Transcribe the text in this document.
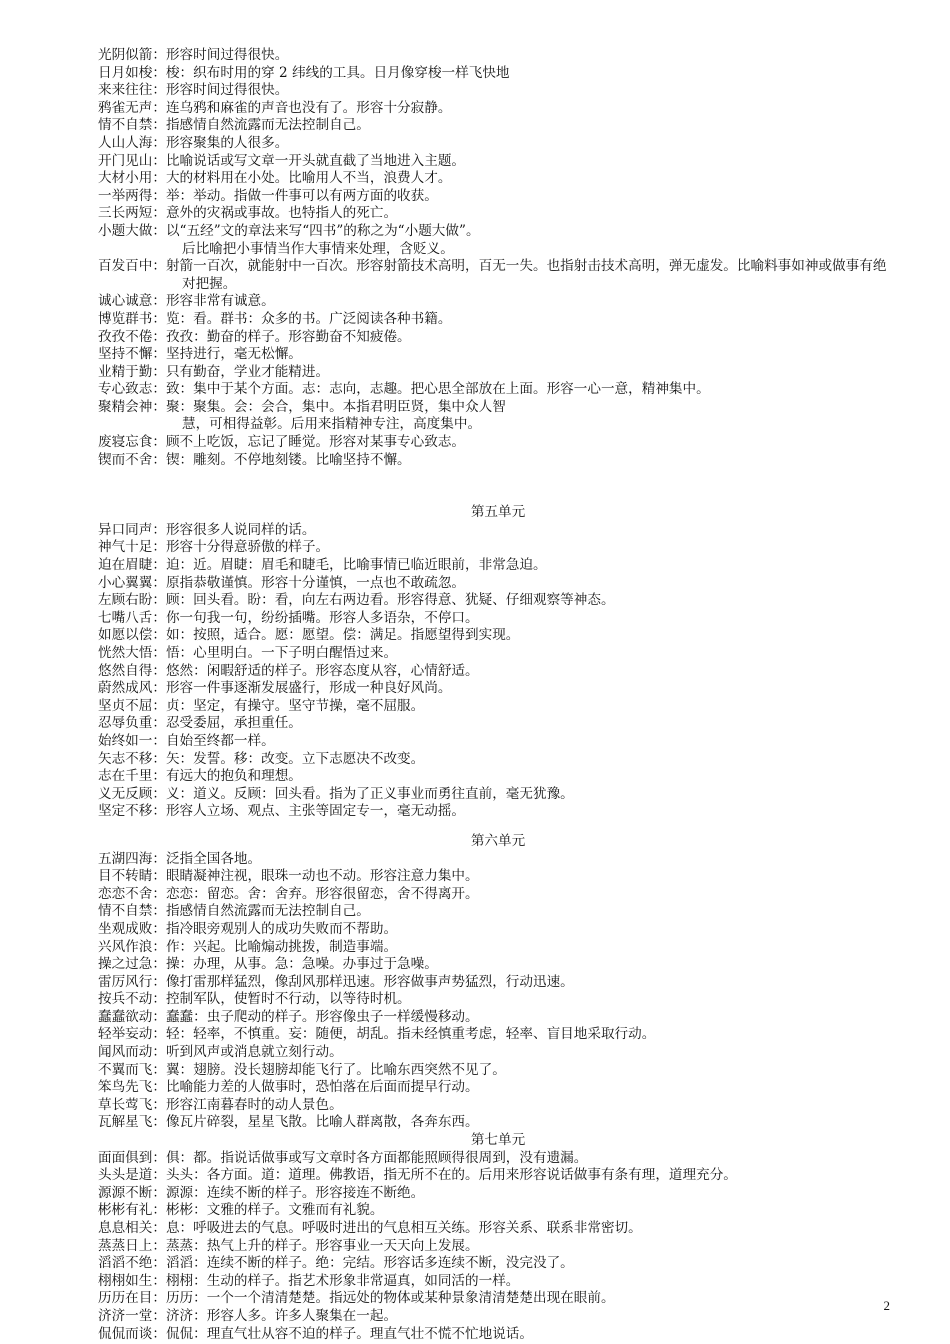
光阴似箭：形容时间过得很快。
日月如梭：梭：织布时用的穿 2 纬线的工具。日月像穿梭一样飞快地
来来往往：形容时间过得很快。
鸦雀无声：连乌鸦和麻雀的声音也没有了。形容十分寂静。
情不自禁：指感情自然流露而无法控制自己。
人山人海：形容聚集的人很多。
开门见山：比喻说话或写文章一开头就直截了当地进入主题。
大材小用：大的材料用在小处。比喻用人不当，浪费人才。
一举两得：举：举动。指做一件事可以有两方面的收获。
三长两短：意外的灾祸或事故。也特指人的死亡。
小题大做：以“五经”文的章法来写“四书”的称之为“小题大做”。
后比喻把小事情当作大事情来处理，含贬义。
百发百中：射箭一百次，就能射中一百次。形容射箭技术高明，百无一失。也指射击技术高明，弹无虚发。比喻料事如神或做事有绝对把握。
诚心诚意：形容非常有诚意。
博览群书：览：看。群书：众多的书。广泛阅读各种书籍。
孜孜不倦：孜孜：勤奋的样子。形容勤奋不知疲倦。
坚持不懈：坚持进行，毫无松懈。
业精于勤：只有勤奋，学业才能精进。
专心致志：致：集中于某个方面。志：志向，志趣。把心思全部放在上面。形容一心一意，精神集中。
聚精会神：聚：聚集。会：会合，集中。本指君明臣贤，集中众人智
慧，可相得益彰。后用来指精神专注，高度集中。
废寝忘食：顾不上吃饭，忘记了睡觉。形容对某事专心致志。
锲而不舍：锲：雕刻。不停地刻镂。比喻坚持不懈。
第五单元
异口同声：形容很多人说同样的话。
神气十足：形容十分得意骄傲的样子。
迫在眉睫：迫：近。眉睫：眉毛和睫毛，比喻事情已临近眼前，非常急迫。
小心翼翼：原指恭敬谨慎。形容十分谨慎，一点也不敢疏忽。
左顾右盼：顾：回头看。盼：看，向左右两边看。形容得意、犹疑、仔细观察等神态。
七嘴八舌：你一句我一句，纷纷插嘴。形容人多语杂，不停口。
如愿以偿：如：按照，适合。愿：愿望。偿：满足。指愿望得到实现。
恍然大悟：悟：心里明白。一下子明白醒悟过来。
悠然自得：悠然：闲暇舒适的样子。形容态度从容，心情舒适。
蔚然成风：形容一件事逐渐发展盛行，形成一种良好风尚。
坚贞不屈：贞：坚定，有操守。坚守节操，毫不屈服。
忍辱负重：忍受委屈，承担重任。
始终如一：自始至终都一样。
矢志不移：矢：发誓。移：改变。立下志愿决不改变。
志在千里：有远大的抱负和理想。
义无反顾：义：道义。反顾：回头看。指为了正义事业而勇往直前，毫无犹豫。
坚定不移：形容人立场、观点、主张等固定专一，毫无动摇。
第六单元
五湖四海：泛指全国各地。
目不转睛：眼睛凝神注视，眼珠一动也不动。形容注意力集中。
恋恋不舍：恋恋：留恋。舍：舍弃。形容很留恋，舍不得离开。
情不自禁：指感情自然流露而无法控制自己。
坐观成败：指冷眼旁观别人的成功失败而不帮助。
兴风作浪：作：兴起。比喻煽动挑拨，制造事端。
操之过急：操：办理，从事。急：急噪。办事过于急噪。
雷厉风行：像打雷那样猛烈，像刮风那样迅速。形容做事声势猛烈，行动迅速。
按兵不动：控制军队，使暂时不行动，以等待时机。
蠢蠢欲动：蠢蠢：虫子爬动的样子。形容像虫子一样缓慢移动。
轻举妄动：轻：轻率，不慎重。妄：随便，胡乱。指未经慎重考虑，轻率、盲目地采取行动。
闻风而动：听到风声或消息就立刻行动。
不翼而飞：翼：翅膀。没长翅膀却能飞行了。比喻东西突然不见了。
笨鸟先飞：比喻能力差的人做事时，恐怕落在后面而提早行动。
草长莺飞：形容江南暮春时的动人景色。
瓦解星飞：像瓦片碎裂，星星飞散。比喻人群离散，各奔东西。
第七单元
面面俱到：俱：都。指说话做事或写文章时各方面都能照顾得很周到，没有遗漏。
头头是道：头头：各方面。道：道理。佛教语，指无所不在的。后用来形容说话做事有条有理，道理充分。
源源不断：源源：连续不断的样子。形容接连不断绝。
彬彬有礼：彬彬：文雅的样子。文雅而有礼貌。
息息相关：息：呼吸进去的气息。呼吸时进出的气息相互关练。形容关系、联系非常密切。
蒸蒸日上：蒸蒸：热气上升的样子。形容事业一天天向上发展。
滔滔不绝：滔滔：连续不断的样子。绝：完结。形容话多连续不断，没完没了。
栩栩如生：栩栩：生动的样子。指艺术形象非常逼真，如同活的一样。
历历在目：历历：一个一个清清楚楚。指远处的物体或某种景象清清楚楚出现在眼前。
济济一堂：济济：形容人多。许多人聚集在一起。
侃侃而谈：侃侃：理直气壮从容不迫的样子。理直气壮不慌不忙地说话。
2
